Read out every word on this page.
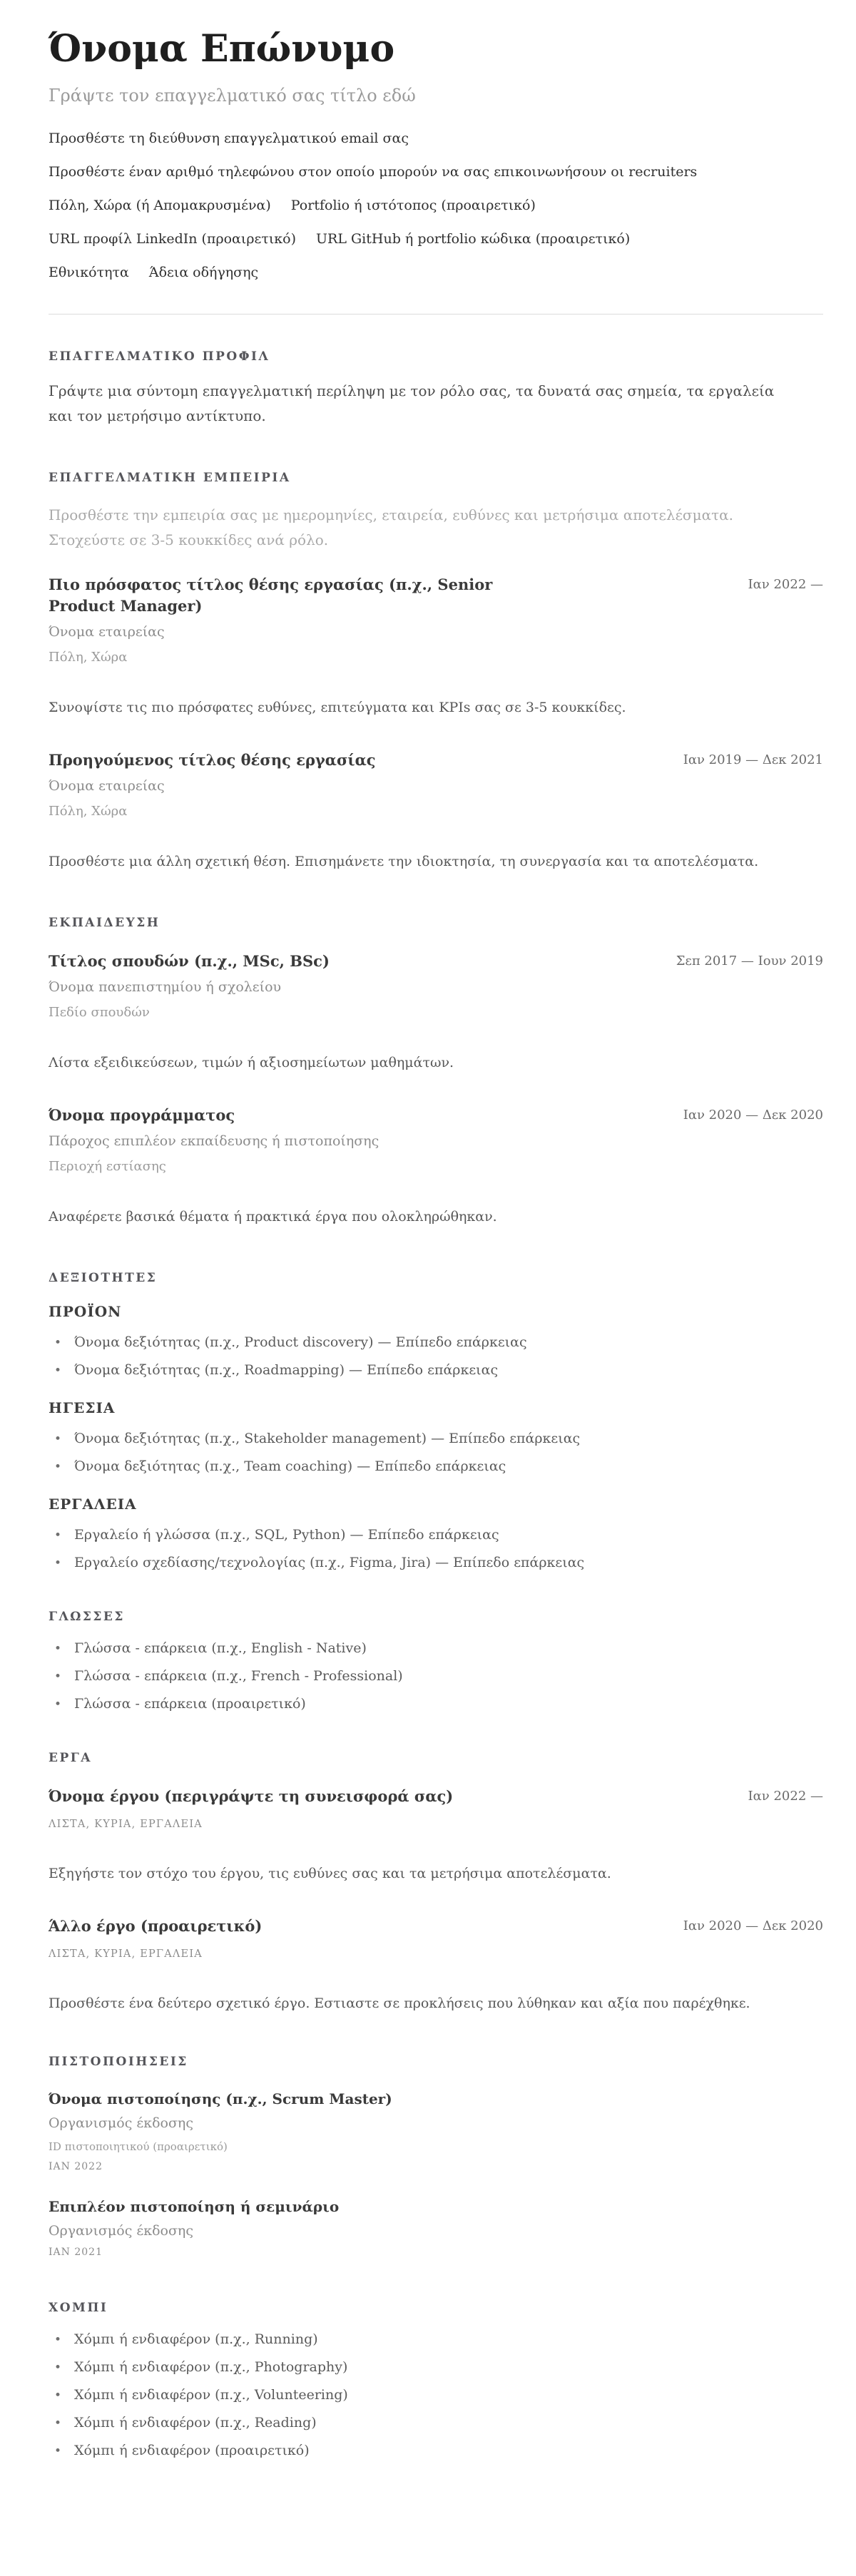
Όνομα Επώνυμο
Γράψτε τον επαγγελματικό σας τίτλο εδώ
Προσθέστε τη διεύθυνση επαγγελματικού email σας
Προσθέστε έναν αριθμό τηλεφώνου στον οποίο μπορούν να σας επικοινωνήσουν οι recruiters
Πόλη, Χώρα (ή Απομακρυσμένα) Portfolio ή ιστότοπος (προαιρετικό)
URL προφίλ LinkedIn (προαιρετικό) URL GitHub ή portfolio κώδικα (προαιρετικό)
Εθνικότητα Άδεια οδήγησης
ΕΠΑΓΓΕΛΜΑΤΙΚΟ ΠΡΟΦΙΛ

Γράψτε μια σύντομη επαγγελματική περίληψη με τον ρόλο σας, τα δυνατά σας σημεία, τα εργαλεία και τον μετρήσιμο αντίκτυπο.

ΕΠΑΓΓΕΛΜΑΤΙΚΗ ΕΜΠΕΙΡΙΑ

Προσθέστε την εμπειρία σας με ημερομηνίες, εταιρεία, ευθύνες και μετρήσιμα αποτελέσματα. Στοχεύστε σε 3-5 κουκκίδες ανά ρόλο.

Πιο πρόσφατος τίτλος θέσης εργασίας (π.χ., Senior Product Manager)
Ιαν 2022 —
Όνομα εταιρείας
Πόλη, Χώρα

Συνοψίστε τις πιο πρόσφατες ευθύνες, επιτεύγματα και KPIs σας σε 3-5 κουκκίδες.

Προηγούμενος τίτλος θέσης εργασίας	Ιαν 2019 — Δεκ 2021
Όνομα εταιρείας
Πόλη, Χώρα

Προσθέστε μια άλλη σχετική θέση. Επισημάνετε την ιδιοκτησία, τη συνεργασία και τα αποτελέσματα.

ΕΚΠΑΙΔΕΥΣΗ
Τίτλος σπουδών (π.χ., MSc, BSc)	Σεπ 2017 — Ιουν 2019
Όνομα πανεπιστημίου ή σχολείου
Πεδίο σπουδών

Λίστα εξειδικεύσεων, τιμών ή αξιοσημείωτων μαθημάτων.

Όνομα προγράμματος	Ιαν 2020 — Δεκ 2020
Πάροχος επιπλέον εκπαίδευσης ή πιστοποίησης
Περιοχή εστίασης

Αναφέρετε βασικά θέματα ή πρακτικά έργα που ολοκληρώθηκαν.

ΔΕΞΙΟΤΗΤΕΣ
ΠΡΟΪΟΝ
• Όνομα δεξιότητας (π.χ., Product discovery) — Επίπεδο επάρκειας
• Όνομα δεξιότητας (π.χ., Roadmapping) — Επίπεδο επάρκειας
ΗΓΕΣΙΑ
• Όνομα δεξιότητας (π.χ., Stakeholder management) — Επίπεδο επάρκειας
• Όνομα δεξιότητας (π.χ., Team coaching) — Επίπεδο επάρκειας
ΕΡΓΑΛΕΙΑ
• Εργαλείο ή γλώσσα (π.χ., SQL, Python) — Επίπεδο επάρκειας
• Εργαλείο σχεδίασης/τεχνολογίας (π.χ., Figma, Jira) — Επίπεδο επάρκειας
ΓΛΩΣΣΕΣ
• Γλώσσα - επάρκεια (π.χ., English - Native)
• Γλώσσα - επάρκεια (π.χ., French - Professional)
• Γλώσσα - επάρκεια (προαιρετικό)
ΕΡΓΑ
Όνομα έργου (περιγράψτε τη συνεισφορά σας)	Ιαν 2022 —
ΛΙΣΤΑ, ΚΥΡΙΑ, ΕΡΓΑΛΕΙΑ

Εξηγήστε τον στόχο του έργου, τις ευθύνες σας και τα μετρήσιμα αποτελέσματα.

Άλλο έργο (προαιρετικό)	Ιαν 2020 — Δεκ 2020
ΛΙΣΤΑ, ΚΥΡΙΑ, ΕΡΓΑΛΕΙΑ

Προσθέστε ένα δεύτερο σχετικό έργο. Εστιαστε σε προκλήσεις που λύθηκαν και αξία που παρέχθηκε.

ΠΙΣΤΟΠΟΙΗΣΕΙΣ
Όνομα πιστοποίησης (π.χ., Scrum Master)
Οργανισμός έκδοσης
ID πιστοποιητικού (προαιρετικό)
ΙΑΝ 2022
Επιπλέον πιστοποίηση ή σεμινάριο
Οργανισμός έκδοσης
ΙΑΝ 2021
ΧΟΜΠΙ
• Χόμπι ή ενδιαφέρον (π.χ., Running)
• Χόμπι ή ενδιαφέρον (π.χ., Photography)
• Χόμπι ή ενδιαφέρον (π.χ., Volunteering)
• Χόμπι ή ενδιαφέρον (π.χ., Reading)
• Χόμπι ή ενδιαφέρον (προαιρετικό)
